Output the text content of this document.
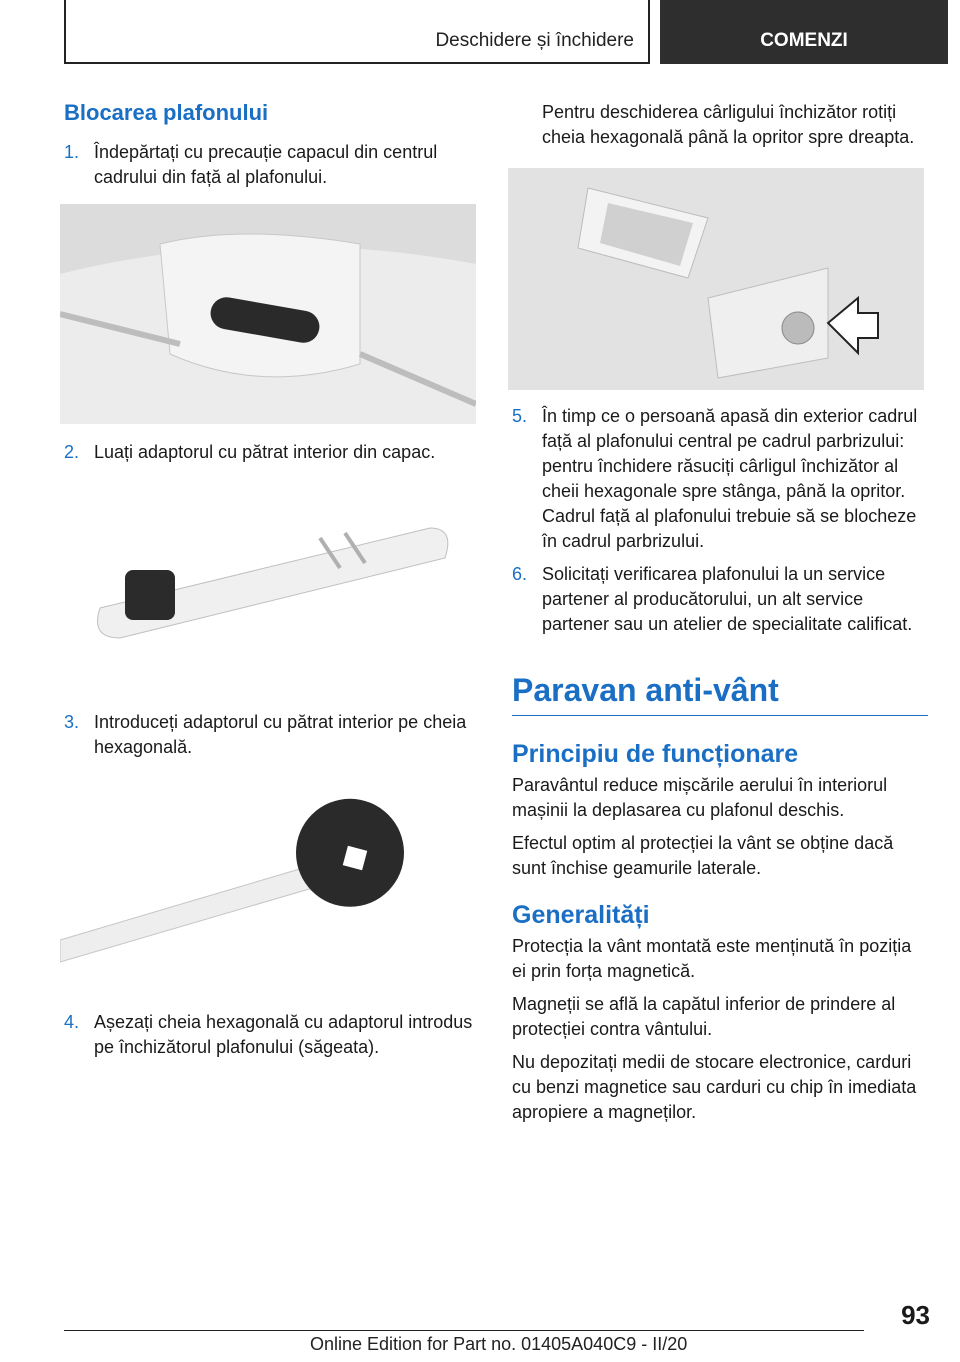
Deschidere și închidere	COMENZI
Blocarea plafonului
1. Îndepărtați cu precauție capacul din centrul cadrului din față al plafonului.
2. Luați adaptorul cu pătrat interior din capac.
3. Introduceți adaptorul cu pătrat interior pe cheia hexagonală.
4. Așezați cheia hexagonală cu adaptorul introdus pe închizătorul plafonului (săgeata).
Pentru deschiderea cârligului închizător rotiți cheia hexagonală până la opritor spre dreapta.
5. În timp ce o persoană apasă din exterior cadrul față al plafonului central pe cadrul parbrizului: pentru închidere răsuciți cârligul închizător al cheii hexagonale spre stânga, până la opritor. Cadrul față al plafonului trebuie să se blocheze în cadrul parbrizului.
6. Solicitați verificarea plafonului la un service partener al producătorului, un alt service partener sau un atelier de specialitate calificat.
Paravan anti-vânt
Principiu de funcționare
Paravântul reduce mișcările aerului în interiorul mașinii la deplasarea cu plafonul deschis.
Efectul optim al protecției la vânt se obține dacă sunt închise geamurile laterale.
Generalități
Protecția la vânt montată este menținută în poziția ei prin forța magnetică.
Magneții se află la capătul inferior de prindere al protecției contra vântului.
Nu depozitați medii de stocare electronice, carduri cu benzi magnetice sau carduri cu chip în imediata apropiere a magneților.
93
Online Edition for Part no. 01405A040C9 - II/20
